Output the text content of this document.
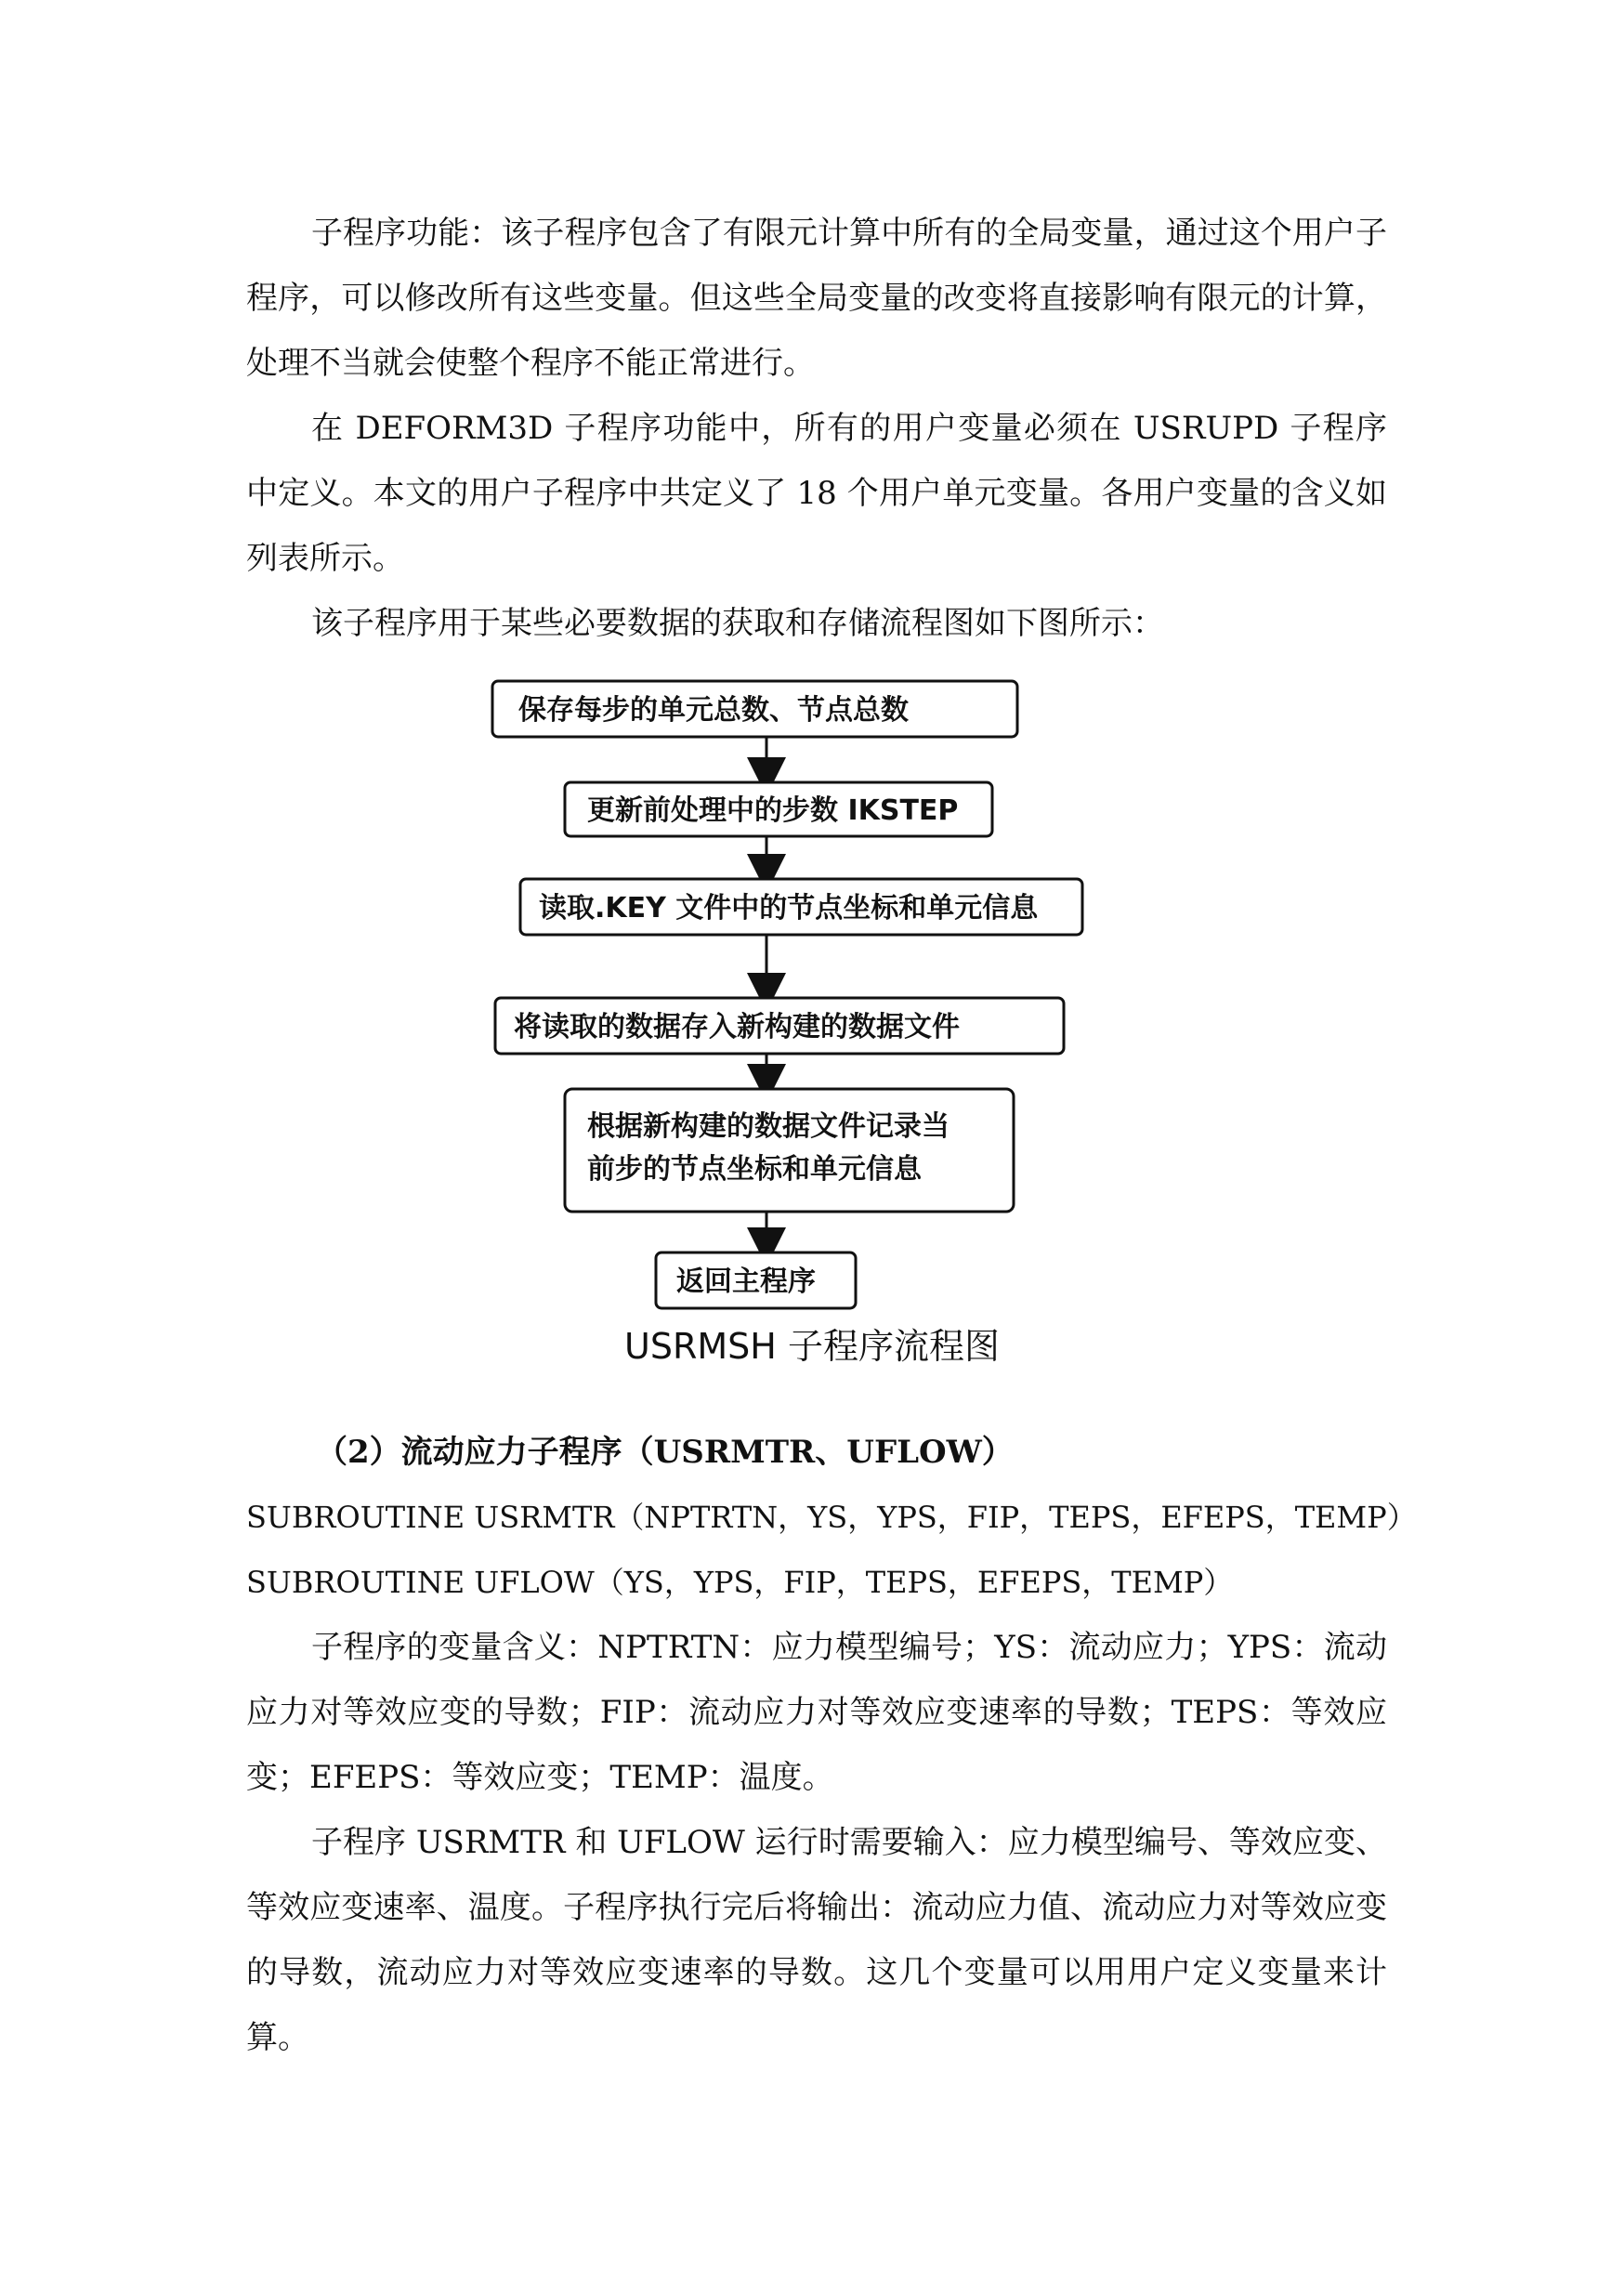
子程序功能：该子程序包含了有限元计算中所有的全局变量，通过这个用户子程序，可以修改所有这些变量。但这些全局变量的改变将直接影响有限元的计算，处理不当就会使整个程序不能正常进行。

在 DEFORM3D 子程序功能中，所有的用户变量必须在 USRUPD 子程序中定义。本文的用户子程序中共定义了 18 个用户单元变量。各用户变量的含义如列表所示。

该子程序用于某些必要数据的获取和存储流程图如下图所示：

保存每步的单元总数、节点总数
更新前处理中的步数 IKSTEP
读取.KEY 文件中的节点坐标和单元信息
将读取的数据存入新构建的数据文件
根据新构建的数据文件记录当
前步的节点坐标和单元信息
返回主程序

USRMSH 子程序流程图

（2）流动应力子程序（USRMTR、UFLOW）

SUBROUTINE USRMTR（NPTRTN，YS，YPS，FIP，TEPS，EFEPS，TEMP）

SUBROUTINE UFLOW（YS，YPS，FIP，TEPS，EFEPS，TEMP）

子程序的变量含义：NPTRTN：应力模型编号；YS：流动应力；YPS：流动应力对等效应变的导数；FIP：流动应力对等效应变速率的导数；TEPS：等效应变；EFEPS：等效应变；TEMP：温度。

子程序 USRMTR 和 UFLOW 运行时需要输入：应力模型编号、等效应变、等效应变速率、温度。子程序执行完后将输出：流动应力值、流动应力对等效应变的导数，流动应力对等效应变速率的导数。这几个变量可以用用户定义变量来计算。
